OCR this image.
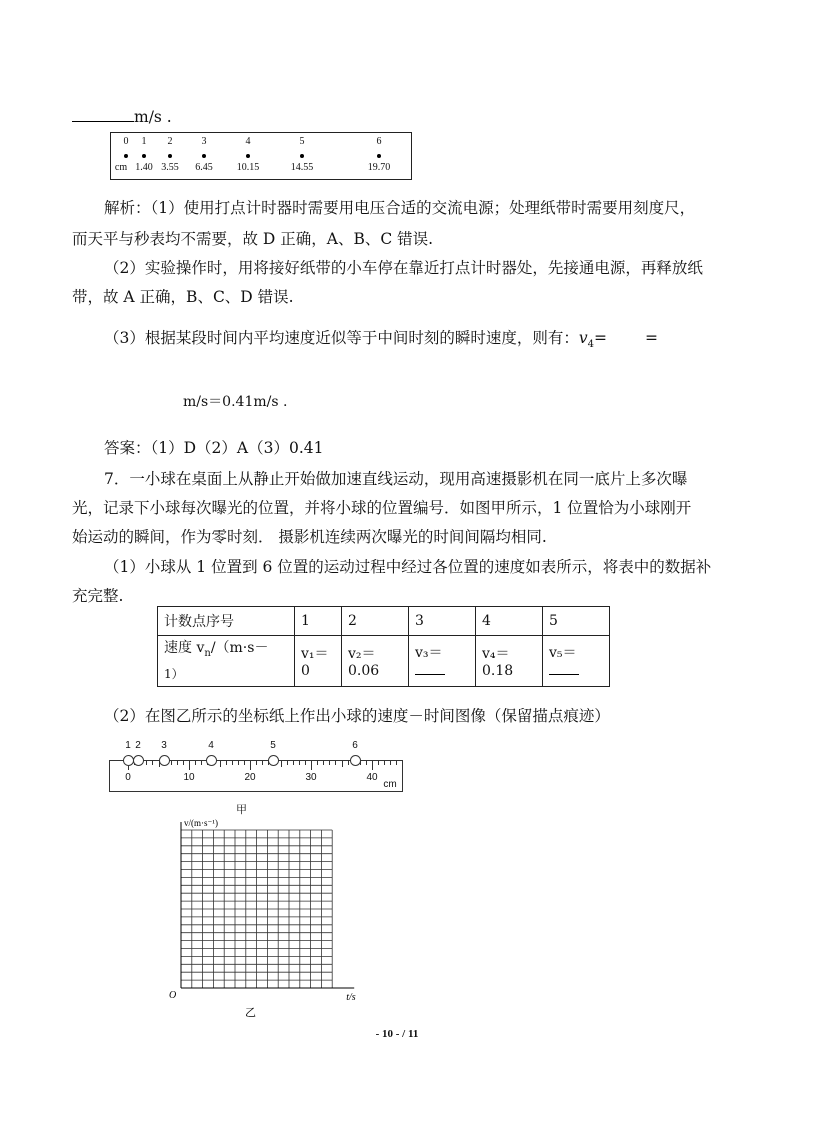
m/s .
0	1
1.40
2
3.55
3
6.45
4
10.15
5
14.55
6
19.70
cm
解析：（1）使用打点计时器时需要用电压合适的交流电源；处理纸带时需要用刻度尺，
而天平与秒表均不需要，故 D 正确，A、B、C 错误.
（2）实验操作时，用将接好纸带的小车停在靠近打点计时器处，先接通电源，再释放纸
带，故 A 正确，B、C、D 错误.
（3）根据某段时间内平均速度近似等于中间时刻的瞬时速度，则有：$v_4=$ =
m/s＝0.41m/s .
答案：（1）D（2）A（3）0.41
7．一小球在桌面上从静止开始做加速直线运动，现用高速摄影机在同一底片上多次曝
光，记录下小球每次曝光的位置，并将小球的位置编号．如图甲所示，1 位置恰为小球刚开
始运动的瞬间，作为零时刻． 摄影机连续两次曝光的时间间隔均相同.
（1）小球从 1 位置到 6 位置的运动过程中经过各位置的速度如表所示，将表中的数据补
充完整.
计数点序号	1	2	3	4	5
速度 $v_n/(m\cdot s-$
1）	v₁＝0	v₂＝0.06	v₃＝	v₄＝0.18	v₅＝
（2）在图乙所示的坐标纸上作出小球的速度－时间图像（保留描点痕迹）
0	10	20	30	40
cm
1 2	3	4	5	6
甲
v/(m·s⁻¹)
t/s
O
乙
- 10 - / 11
